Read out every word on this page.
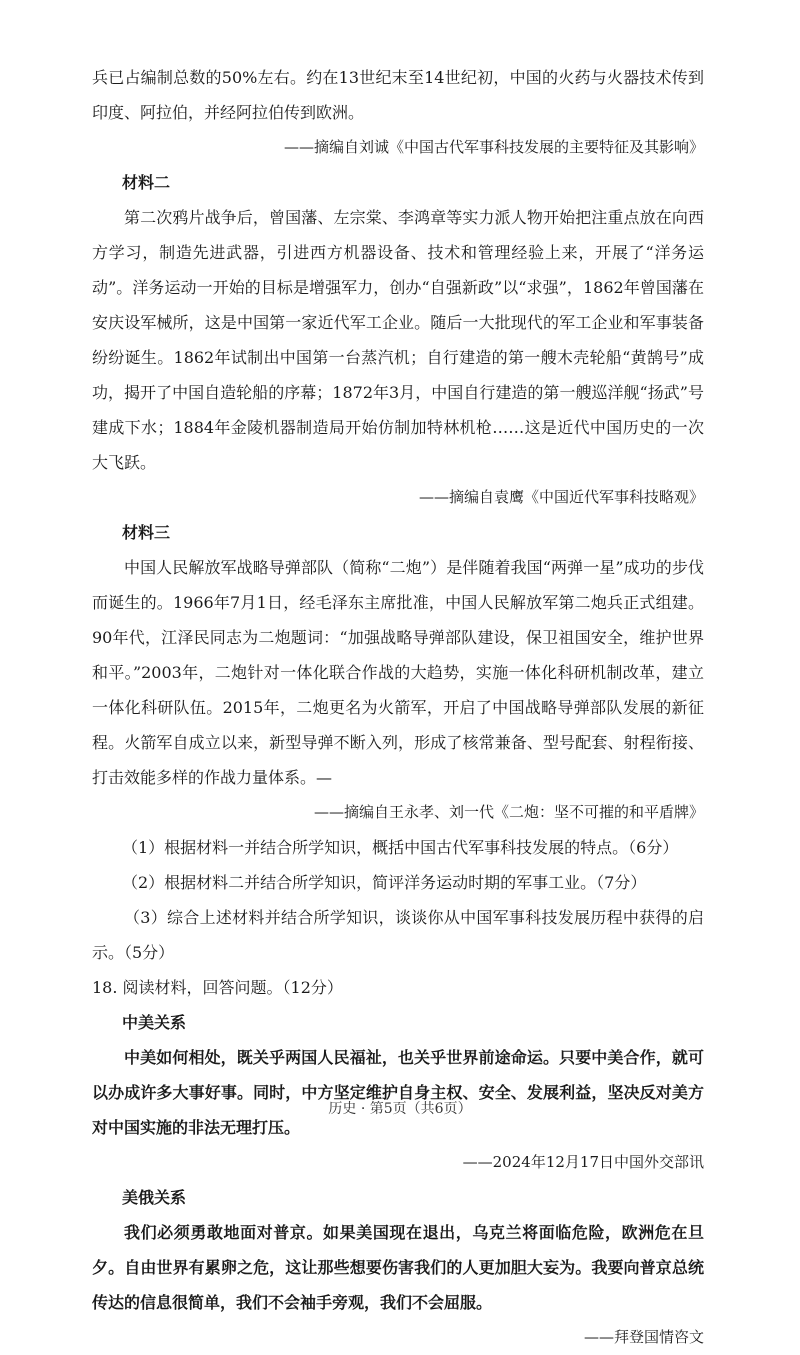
兵已占编制总数的50%左右。约在13世纪末至14世纪初，中国的火药与火器技术传到印度、阿拉伯，并经阿拉伯传到欧洲。

——摘编自刘诚《中国古代军事科技发展的主要特征及其影响》

材料二

第二次鸦片战争后，曾国藩、左宗棠、李鸿章等实力派人物开始把注重点放在向西方学习，制造先进武器，引进西方机器设备、技术和管理经验上来，开展了“洋务运动”。洋务运动一开始的目标是增强军力，创办“自强新政”以“求强”，1862年曾国藩在安庆设军械所，这是中国第一家近代军工企业。随后一大批现代的军工企业和军事装备纷纷诞生。1862年试制出中国第一台蒸汽机；自行建造的第一艘木壳轮船“黄鹄号”成功，揭开了中国自造轮船的序幕；1872年3月，中国自行建造的第一艘巡洋舰“扬武”号建成下水；1884年金陵机器制造局开始仿制加特林机枪……这是近代中国历史的一次大飞跃。

——摘编自袁鹰《中国近代军事科技略观》

材料三

中国人民解放军战略导弹部队（简称“二炮”）是伴随着我国“两弹一星”成功的步伐而诞生的。1966年7月1日，经毛泽东主席批准，中国人民解放军第二炮兵正式组建。90年代，江泽民同志为二炮题词：“加强战略导弹部队建设，保卫祖国安全，维护世界和平。”2003年，二炮针对一体化联合作战的大趋势，实施一体化科研机制改革，建立一体化科研队伍。2015年，二炮更名为火箭军，开启了中国战略导弹部队发展的新征程。火箭军自成立以来，新型导弹不断入列，形成了核常兼备、型号配套、射程衔接、打击效能多样的作战力量体系。—

——摘编自王永孝、刘一代《二炮：坚不可摧的和平盾牌》

（1）根据材料一并结合所学知识，概括中国古代军事科技发展的特点。（6分）

（2）根据材料二并结合所学知识，简评洋务运动时期的军事工业。（7分）

（3）综合上述材料并结合所学知识，谈谈你从中国军事科技发展历程中获得的启示。（5分）

18. 阅读材料，回答问题。（12分）

中美关系

中美如何相处，既关乎两国人民福祉，也关乎世界前途命运。只要中美合作，就可以办成许多大事好事。同时，中方坚定维护自身主权、安全、发展利益，坚决反对美方对中国实施的非法无理打压。

——2024年12月17日中国外交部讯

美俄关系

我们必须勇敢地面对普京。如果美国现在退出，乌克兰将面临危险，欧洲危在旦夕。自由世界有累卵之危，这让那些想要伤害我们的人更加胆大妄为。我要向普京总统传达的信息很简单，我们不会袖手旁观，我们不会屈服。

——拜登国情咨文

历史 · 第5页（共6页）
